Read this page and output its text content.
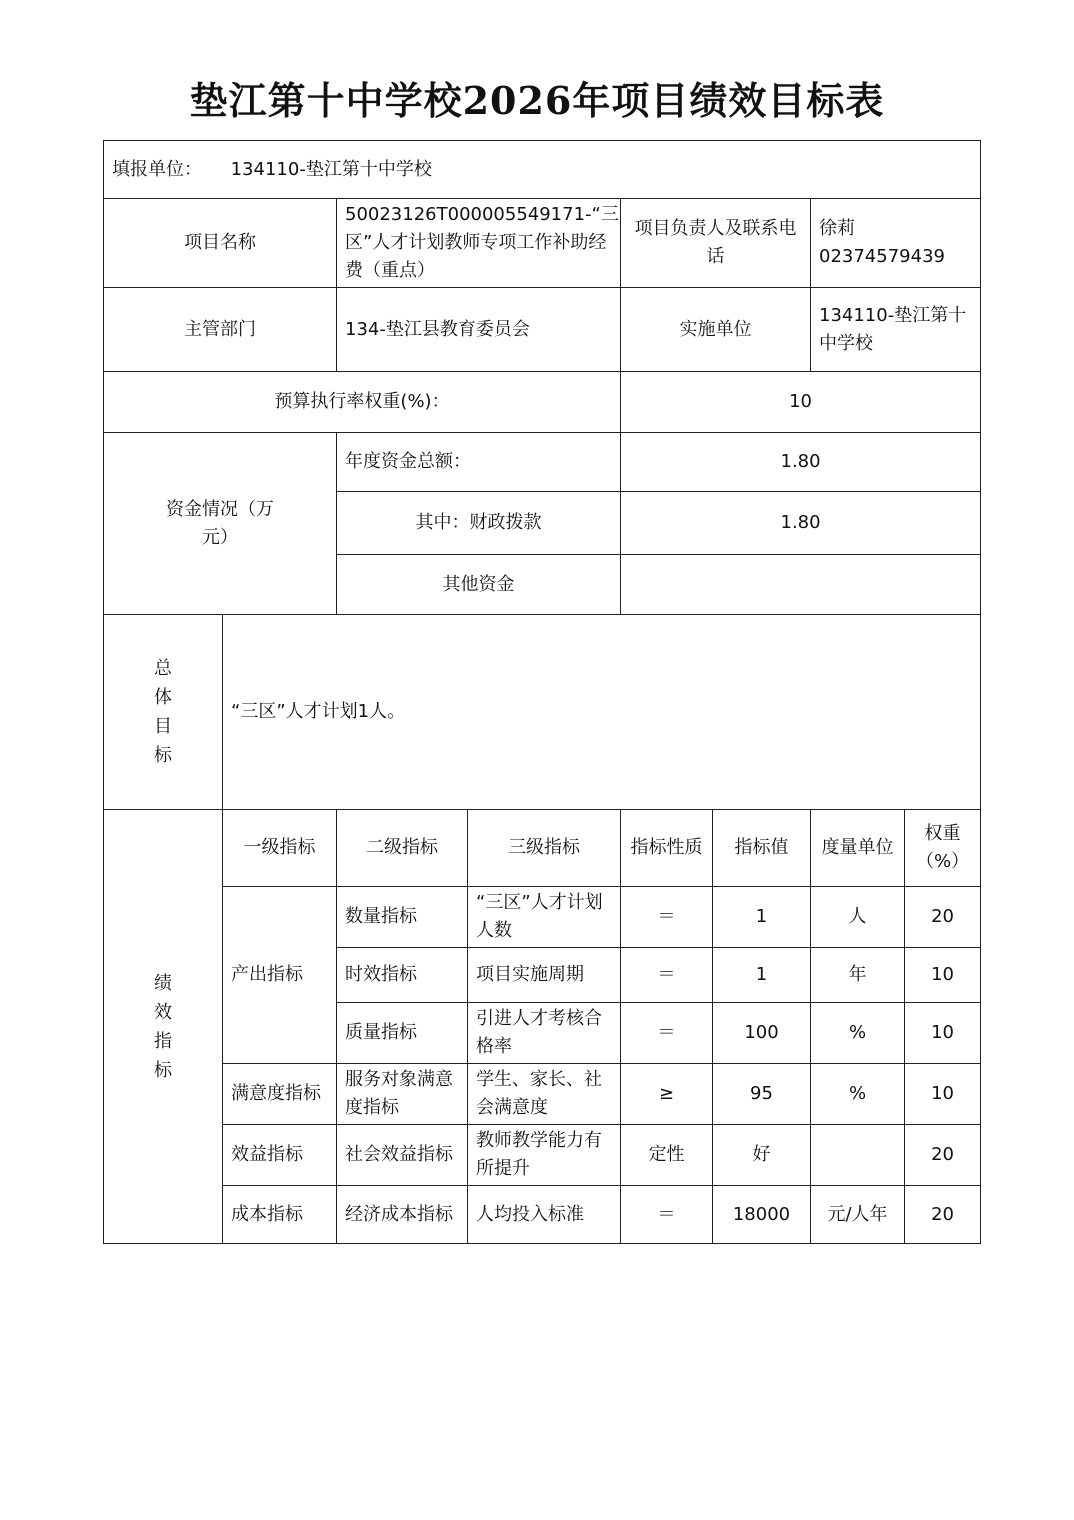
垫江第十中学校2026年项目绩效目标表
填报单位： 134110-垫江第十中学校							
项目名称		50023126T000005549171-“三区”人才计划教师专项工作补助经费（重点）		项目负责人及联系电话		徐莉
02374579439	
主管部门		134-垫江县教育委员会		实施单位		134110-垫江第十中学校	
预算执行率权重(%)：				10			
资金情况（万元）		年度资金总额：		1.80			
		其中：财政拨款		1.80			
		其他资金					
总体目标	“三区”人才计划1人。						
绩效指标	一级指标	二级指标	三级指标	指标性质	指标值	度量单位	权重（%）
	产出指标	数量指标	“三区”人才计划人数	＝	1	人	20
		时效指标	项目实施周期	＝	1	年	10
		质量指标	引进人才考核合格率	＝	100	%	10
	满意度指标	服务对象满意度指标	学生、家长、社会满意度	≥	95	%	10
	效益指标	社会效益指标	教师教学能力有所提升	定性	好		20
	成本指标	经济成本指标	人均投入标准	＝	18000	元/人年	20
